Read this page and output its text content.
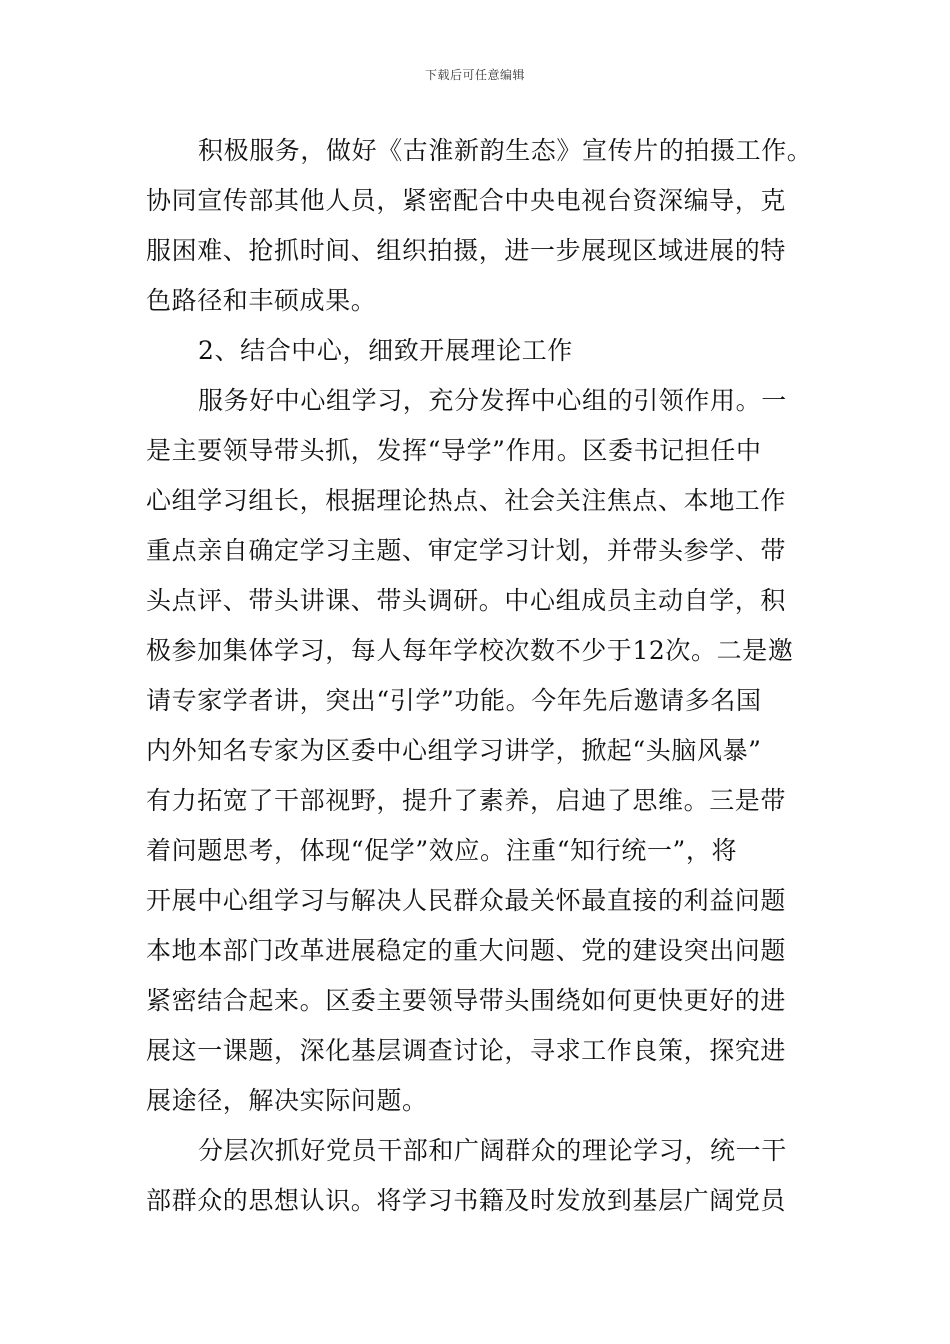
下载后可任意编辑
积极服务，做好《古淮新韵生态》宣传片的拍摄工作。
协同宣传部其他人员，紧密配合中央电视台资深编导，克
服困难、抢抓时间、组织拍摄，进一步展现区域进展的特
色路径和丰硕成果。
2、结合中心，细致开展理论工作
服务好中心组学习，充分发挥中心组的引领作用。一
是主要领导带头抓，发挥“导学”作用。区委书记担任中
心组学习组长，根据理论热点、社会关注焦点、本地工作
重点亲自确定学习主题、审定学习计划，并带头参学、带
头点评、带头讲课、带头调研。中心组成员主动自学，积
极参加集体学习，每人每年学校次数不少于12次。二是邀
请专家学者讲，突出“引学”功能。今年先后邀请多名国
内外知名专家为区委中心组学习讲学，掀起“头脑风暴”
有力拓宽了干部视野，提升了素养，启迪了思维。三是带
着问题思考，体现“促学”效应。注重“知行统一”，将
开展中心组学习与解决人民群众最关怀最直接的利益问题
本地本部门改革进展稳定的重大问题、党的建设突出问题
紧密结合起来。区委主要领导带头围绕如何更快更好的进
展这一课题，深化基层调查讨论，寻求工作良策，探究进
展途径，解决实际问题。
分层次抓好党员干部和广阔群众的理论学习，统一干
部群众的思想认识。将学习书籍及时发放到基层广阔党员
